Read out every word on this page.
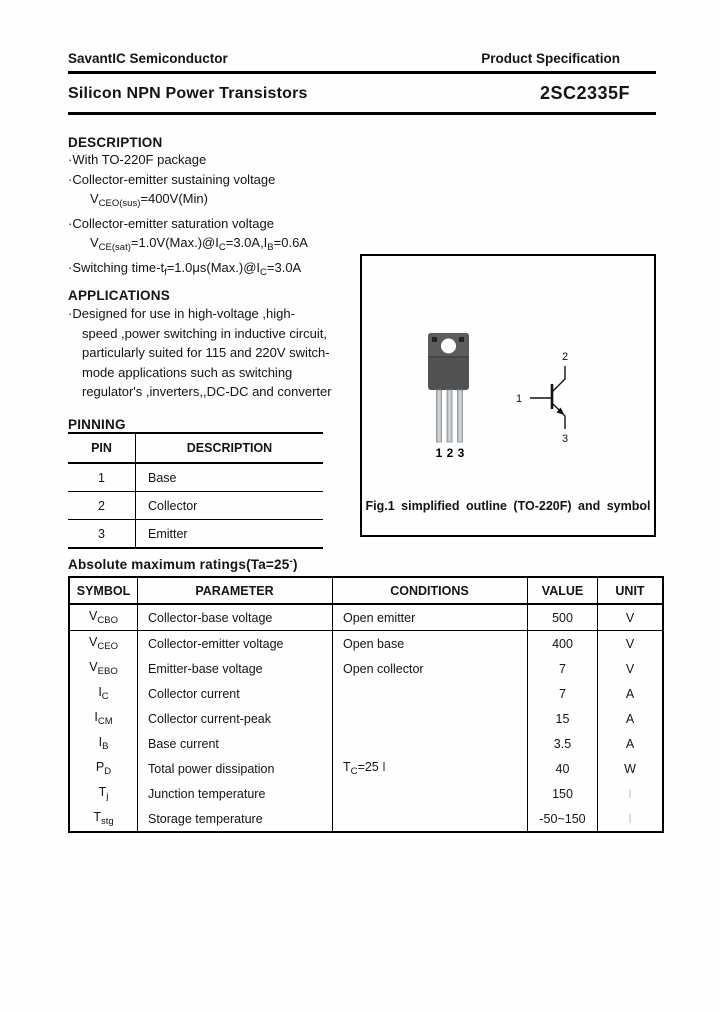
SavantIC Semiconductor	Product Specification
Silicon NPN Power Transistors	2SC2335F
DESCRIPTION
·With TO-220F package
·Collector-emitter sustaining voltage
$V_{CEO(sus)}=400V(Min)$
·Collector-emitter saturation voltage
$V_{CE(sat)}=1.0V(Max.)@I_C=3.0A,I_B=0.6A$
·Switching time-$t_f=1.0\mu s(Max.)@I_C=3.0A$
APPLICATIONS
·Designed for use in high-voltage ,high-
speed ,power switching in inductive circuit,
particularly suited for 115 and 220V switch-
mode applications such as switching
regulator's ,inverters,,DC-DC and converter
PINNING
PIN	DESCRIPTION
1	Base
2	Collector
3	Emitter
1 2 3
1
2
3
Fig.1 simplified outline (TO-220F) and symbol
Absolute maximum ratings(Ta=25-)
SYMBOL	PARAMETER	CONDITIONS	VALUE	UNIT
$V_{CBO}$	Collector-base voltage	Open emitter	500	V
$V_{CEO}$	Collector-emitter voltage	Open base	400	V
$V_{EBO}$	Emitter-base voltage	Open collector	7	V
$I_C$	Collector current		7	A
$I_{CM}$	Collector current-peak		15	A
$I_B$	Base current		3.5	A
$P_D$	Total power dissipation	$T_C=25$ I	40	W
$T_j$	Junction temperature		150	I
$T_{stg}$	Storage temperature		-50~150	I
